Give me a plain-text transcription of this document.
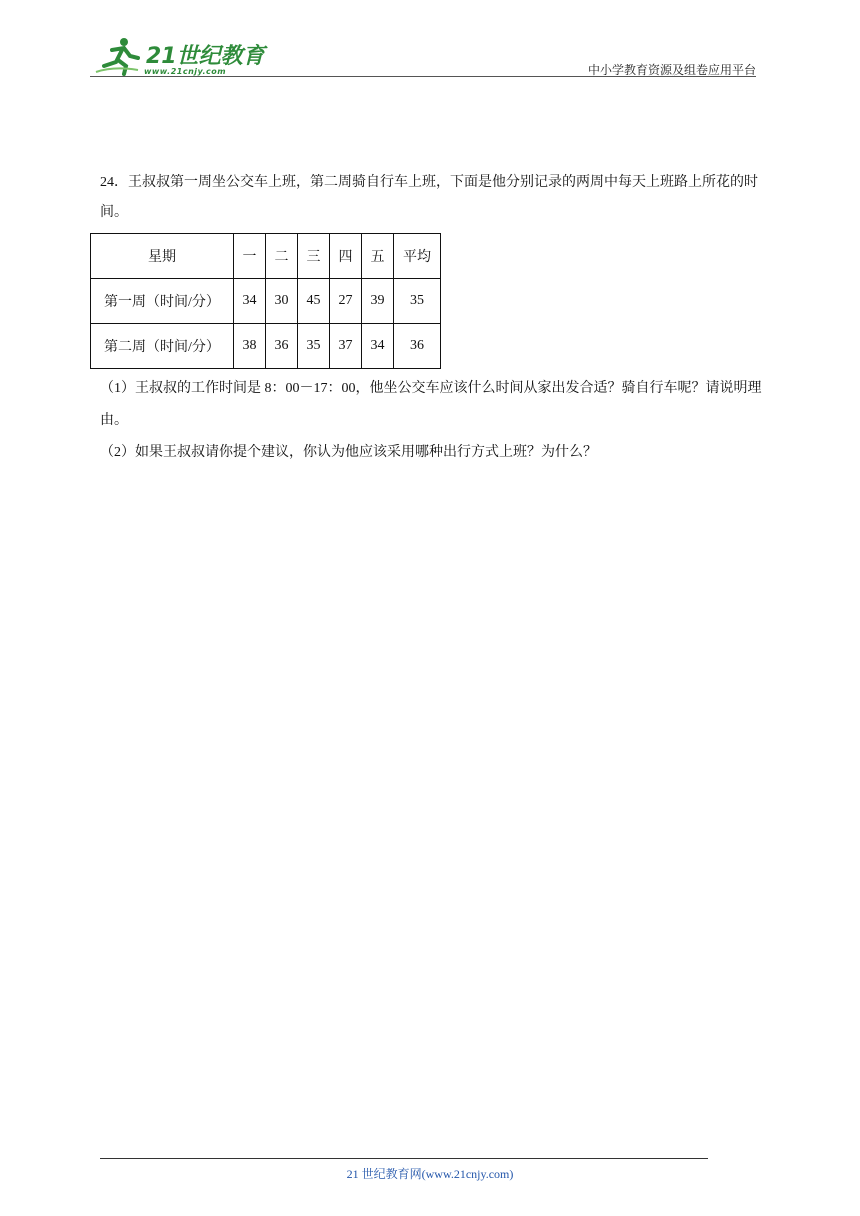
21世纪教育
www.21cnjy.com	中小学教育资源及组卷应用平台

24．王叔叔第一周坐公交车上班，第二周骑自行车上班，下面是他分别记录的两周中每天上班路上所花的时间。

星期	一	二	三	四	五	平均
第一周（时间/分）	34	30	45	27	39	35
第二周（时间/分）	38	36	35	37	34	36

（1）王叔叔的工作时间是 8：00－17：00，他坐公交车应该什么时间从家出发合适？骑自行车呢？请说明理由。

（2）如果王叔叔请你提个建议，你认为他应该采用哪种出行方式上班？为什么？

21 世纪教育网(www.21cnjy.com)
